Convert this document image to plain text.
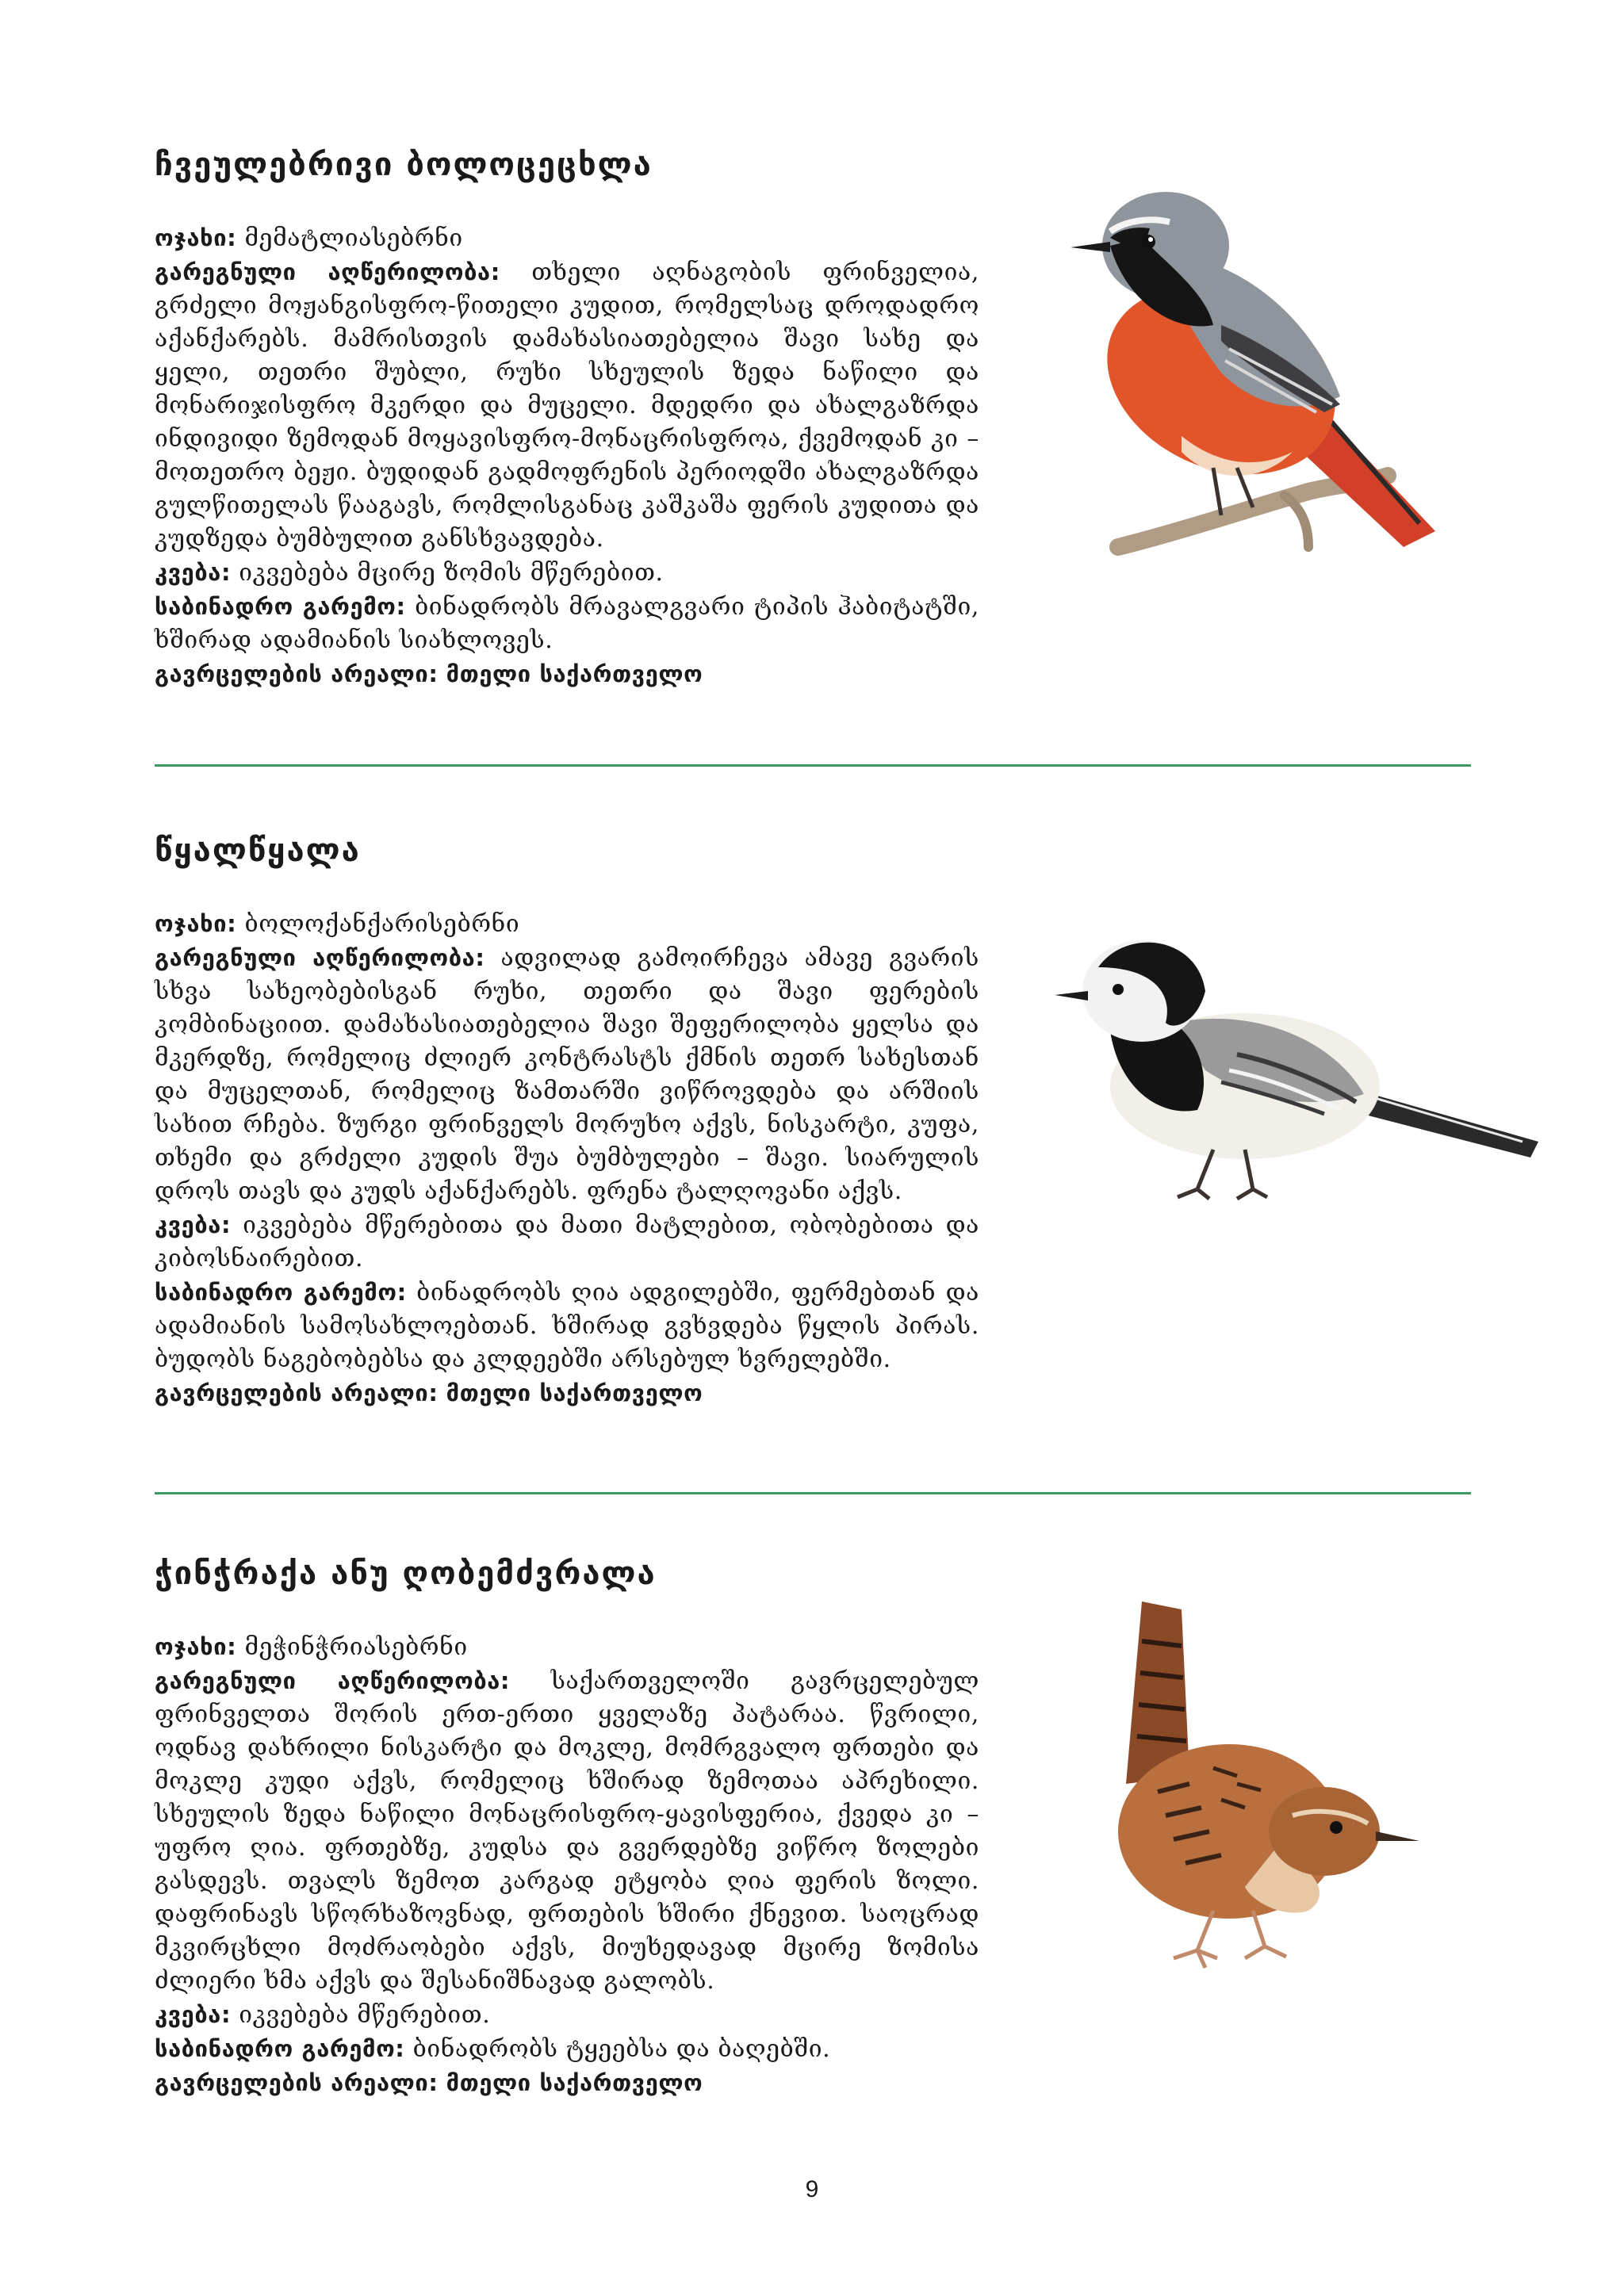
ჩვეულებრივი ბოლოცეცხლა

ოჯახი: მემატლიასებრნი

გარეგნული აღწერილობა: თხელი აღნაგობის ფრინველია, გრძელი მოჟანგისფრო-წითელი კუდით, რომელსაც დროდადრო აქანქარებს. მამრისთვის დამახასიათებელია შავი სახე და ყელი, თეთრი შუბლი, რუხი სხეულის ზედა ნაწილი და მონარიჯისფრო მკერდი და მუცელი. მდედრი და ახალგაზრდა ინდივიდი ზემოდან მოყავისფრო-მონაცრისფროა, ქვემოდან კი – მოთეთრო ბეჟი. ბუდიდან გადმოფრენის პერიოდში ახალგაზრდა გულწითელას წააგავს, რომლისგანაც კაშკაშა ფერის კუდითა და კუდზედა ბუმბულით განსხვავდება.

კვება: იკვებება მცირე ზომის მწერებით.

საბინადრო გარემო: ბინადრობს მრავალგვარი ტიპის ჰაბიტატში, ხშირად ადამიანის სიახლოვეს.

გავრცელების არეალი: მთელი საქართველო

წყალწყალა

ოჯახი: ბოლოქანქარისებრნი

გარეგნული აღწერილობა: ადვილად გამოირჩევა ამავე გვარის სხვა სახეობებისგან რუხი, თეთრი და შავი ფერების კომბინაციით. დამახასიათებელია შავი შეფერილობა ყელსა და მკერდზე, რომელიც ძლიერ კონტრასტს ქმნის თეთრ სახესთან და მუცელთან, რომელიც ზამთარში ვიწროვდება და არშიის სახით რჩება. ზურგი ფრინველს მორუხო აქვს, ნისკარტი, კუფა, თხემი და გრძელი კუდის შუა ბუმბულები – შავი. სიარულის დროს თავს და კუდს აქანქარებს. ფრენა ტალღოვანი აქვს.

კვება: იკვებება მწერებითა და მათი მატლებით, ობობებითა და კიბოსნაირებით.

საბინადრო გარემო: ბინადრობს ღია ადგილებში, ფერმებთან და ადამიანის სამოსახლოებთან. ხშირად გვხვდება წყლის პირას. ბუდობს ნაგებობებსა და კლდეებში არსებულ ხვრელებში.

გავრცელების არეალი: მთელი საქართველო

ჭინჭრაქა ანუ ღობემძვრალა

ოჯახი: მეჭინჭრიასებრნი

გარეგნული აღწერილობა: საქართველოში გავრცელებულ ფრინველთა შორის ერთ-ერთი ყველაზე პატარაა. წვრილი, ოდნავ დახრილი ნისკარტი და მოკლე, მომრგვალო ფრთები და მოკლე კუდი აქვს, რომელიც ხშირად ზემოთაა აპრეხილი. სხეულის ზედა ნაწილი მონაცრისფრო-ყავისფერია, ქვედა კი – უფრო ღია. ფრთებზე, კუდსა და გვერდებზე ვიწრო ზოლები გასდევს. თვალს ზემოთ კარგად ეტყობა ღია ფერის ზოლი. დაფრინავს სწორხაზოვნად, ფრთების ხშირი ქნევით. საოცრად მკვირცხლი მოძრაობები აქვს, მიუხედავად მცირე ზომისა ძლიერი ხმა აქვს და შესანიშნავად გალობს.

კვება: იკვებება მწერებით.

საბინადრო გარემო: ბინადრობს ტყეებსა და ბაღებში.

გავრცელების არეალი: მთელი საქართველო

9
